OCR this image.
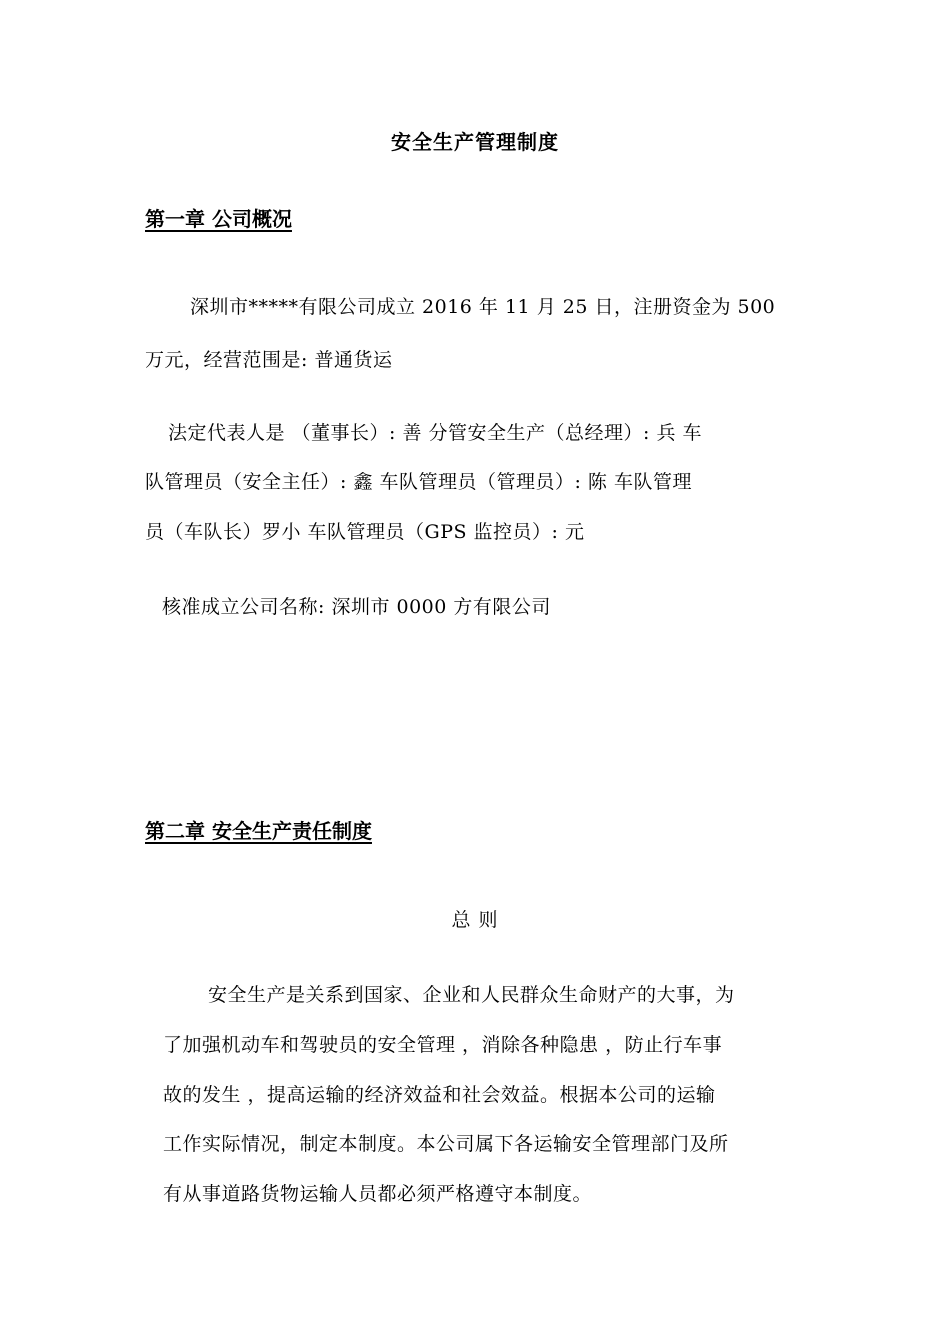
安全生产管理制度
第一章 公司概况
深圳市*****有限公司成立 2016 年 11 月 25 日，注册资金为 500
万元，经营范围是: 普通货运
法定代表人是 （董事长）: 善 分管安全生产（总经理）: 兵 车
队管理员（安全主任）: 鑫 车队管理员（管理员）: 陈 车队管理
员（车队长）罗小 车队管理员（GPS 监控员）: 元
核准成立公司名称: 深圳市 0000 方有限公司
第二章 安全生产责任制度
总 则
安全生产是关系到国家、企业和人民群众生命财产的大事，为
了加强机动车和驾驶员的安全管理 ，消除各种隐患 ，防止行车事
故的发生 ，提高运输的经济效益和社会效益。根据本公司的运输
工作实际情况，制定本制度。本公司属下各运输安全管理部门及所
有从事道路货物运输人员都必须严格遵守本制度。
